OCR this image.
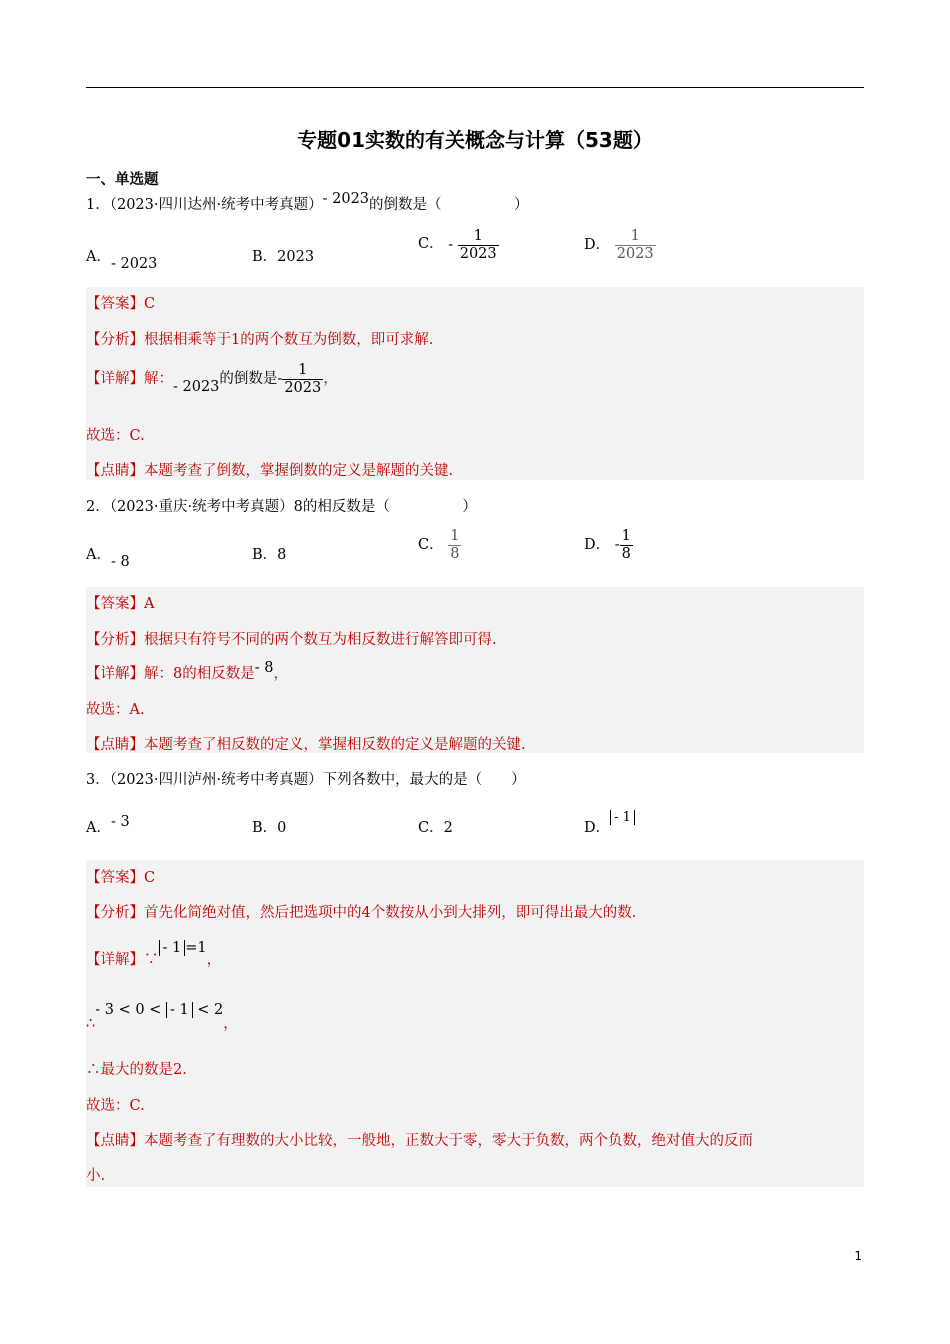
专题01实数的有关概念与计算（53题）
一、单选题
1．（2023·四川达州·统考中考真题）- 2023的倒数是（　　　　　）
A．- 2023	B．2023
C． - $\frac{1}{2023}$	D． $\frac{1}{2023}$
【答案】C
【分析】根据相乘等于1的两个数互为倒数，即可求解.
【详解】解：- 2023的倒数是- $\frac{1}{2023}$ ，
故选：C.
【点睛】本题考查了倒数，掌握倒数的定义是解题的关键.
2．（2023·重庆·统考中考真题）8的相反数是（　　　　　）
A．- 8	B．8
C． $\frac{1}{8}$	D． - $\frac{1}{8}$
【答案】A
【分析】根据只有符号不同的两个数互为相反数进行解答即可得.
【详解】解：8的相反数是- 8，
故选：A.
【点睛】本题考查了相反数的定义，掌握相反数的定义是解题的关键.
3．（2023·四川泸州·统考中考真题）下列各数中，最大的是（　　）
A．- 3	B．0	C．2	D．- 1
【答案】C
【分析】首先化简绝对值，然后把选项中的4个数按从小到大排列，即可得出最大的数.
【详解】∵- 1 =1，
∴- 3 < 0 < - 1 < 2，
∴最大的数是2.
故选：C.
【点睛】本题考查了有理数的大小比较，一般地，正数大于零，零大于负数，两个负数，绝对值大的反而
小.
1
